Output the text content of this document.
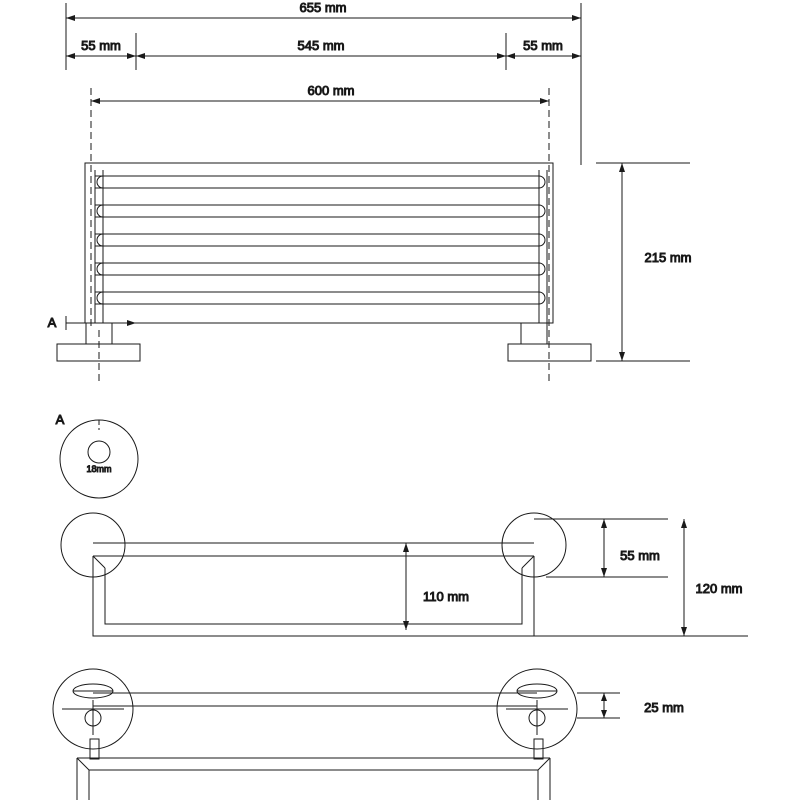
655 mm
55 mm	545 mm	55 mm
600 mm
A
215 mm
A
18mm
110 mm
55 mm
120 mm
25 mm
